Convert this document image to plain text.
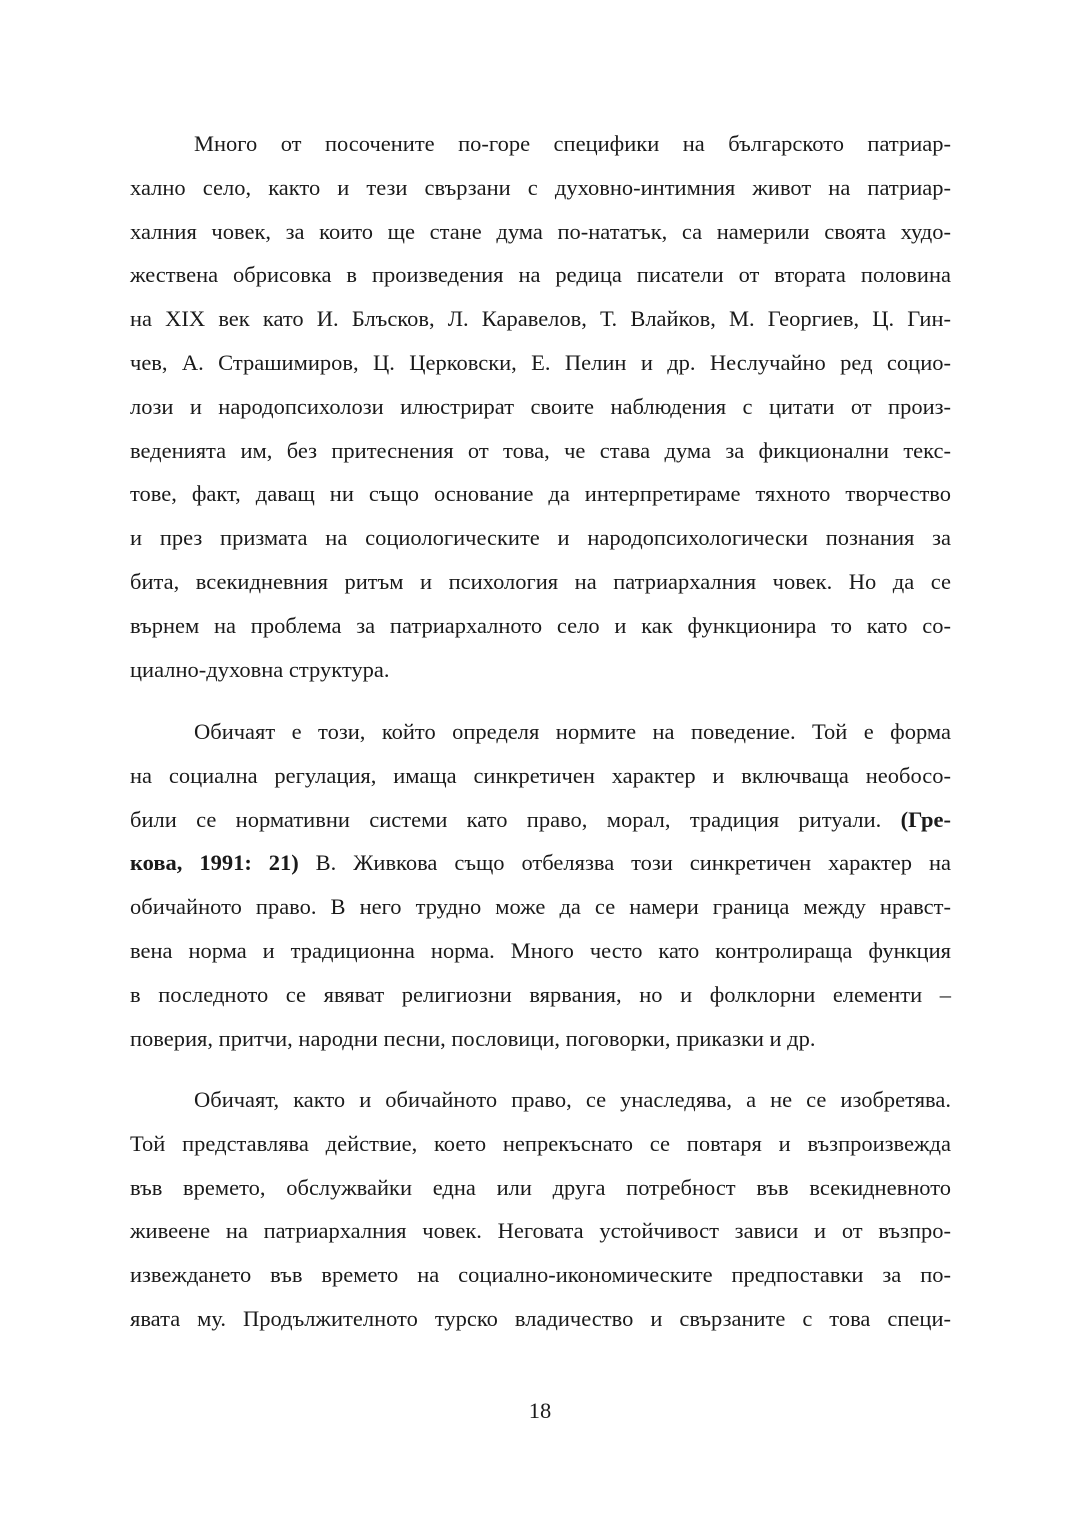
Много от посочените по-горе специфики на българското патриар-
хално село, както и тези свързани с духовно-интимния живот на патриар-
халния човек, за които ще стане дума по-нататък, са намерили своята худо-
жествена обрисовка в произведения на редица писатели от втората половина
на XIX век като И. Блъсков, Л. Каравелов, Т. Влайков, М. Георгиев, Ц. Гин-
чев, А. Страшимиров, Ц. Церковски, Е. Пелин и др. Неслучайно ред социо-
лози и народопсихолози илюстрират своите наблюдения с цитати от произ-
веденията им, без притеснения от това, че става дума за фикционални текс-
тове, факт, даващ ни също основание да интерпретираме тяхното творчество
и през призмата на социологическите и народопсихологически познания за
бита, всекидневния ритъм и психология на патриархалния човек. Но да се
върнем на проблема за патриархалното село и как функционира то като со-
циално-духовна структура.
Обичаят е този, който определя нормите на поведение. Той е форма
на социална регулация, имаща синкретичен характер и включваща необосо-
били се нормативни системи като право, морал, традиция ритуали. (Гре-
кова, 1991: 21) В. Живкова също отбелязва този синкретичен характер на
обичайното право. В него трудно може да се намери граница между нравст-
вена норма и традиционна норма. Много често като контролираща функция
в последното се явяват религиозни вярвания, но и фолклорни елементи –
поверия, притчи, народни песни, пословици, поговорки, приказки и др.
Обичаят, както и обичайното право, се унаследява, а не се изобретява.
Той представлява действие, което непрекъснато се повтаря и възпроизвежда
във времето, обслужвайки една или друга потребност във всекидневното
живеене на патриархалния човек. Неговата устойчивост зависи и от възпро-
извеждането във времето на социално-икономическите предпоставки за по-
явата му. Продължителното турско владичество и свързаните с това специ-
18
